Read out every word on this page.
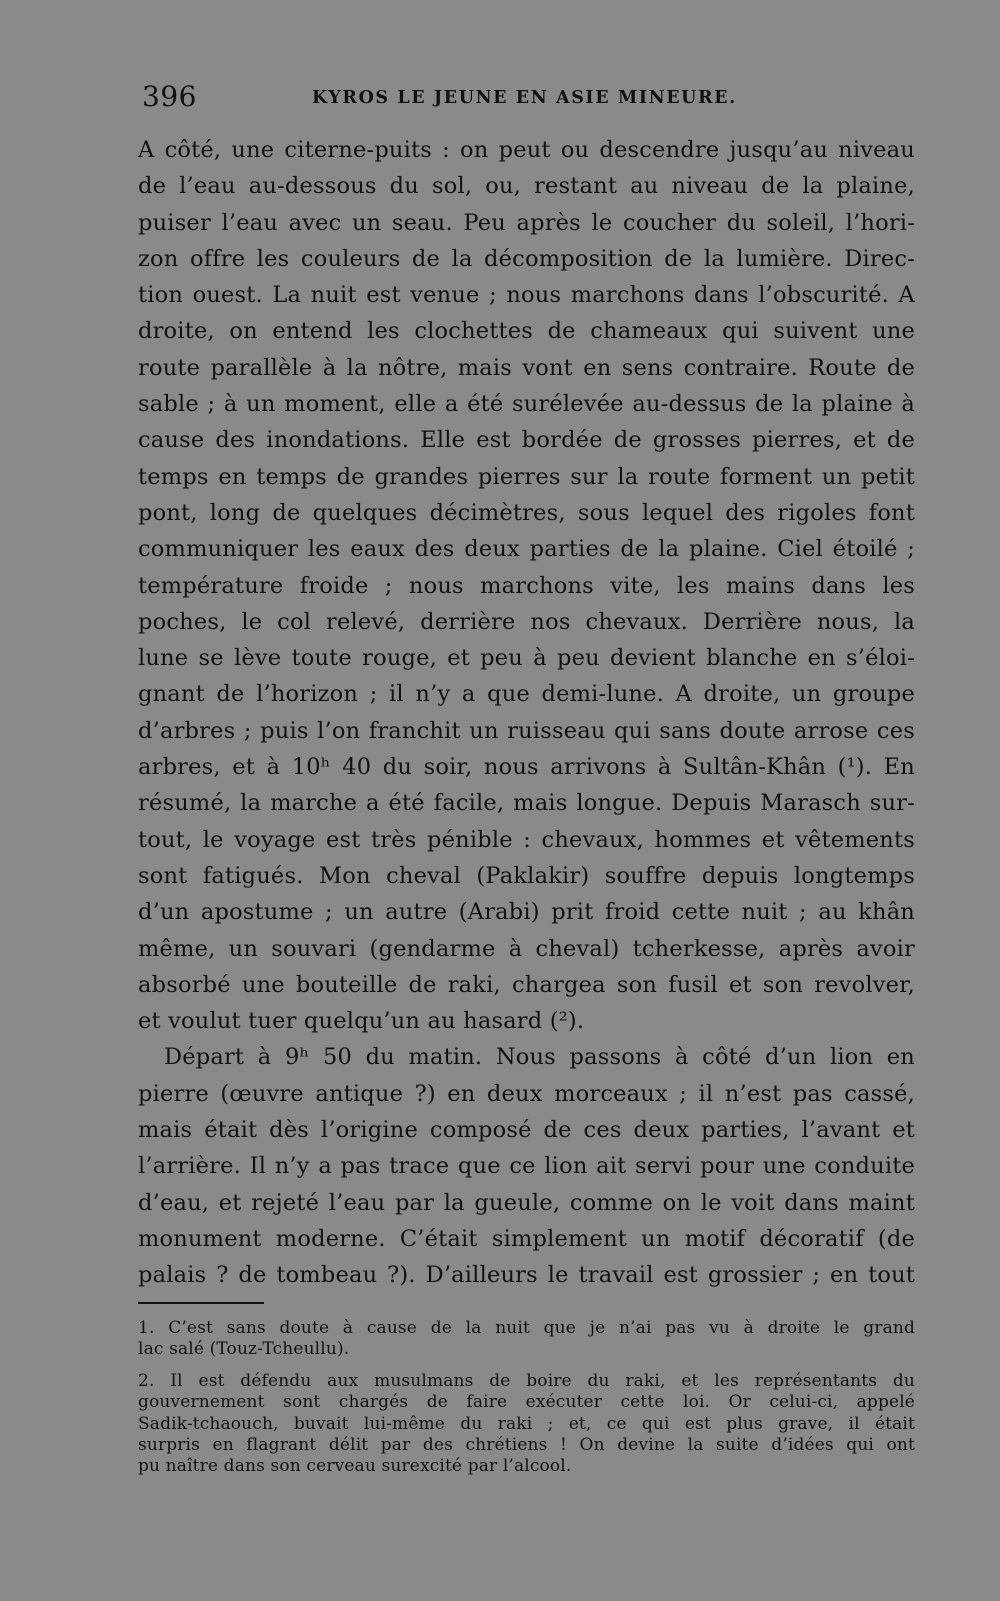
396	KYROS LE JEUNE EN ASIE MINEURE.

A côté, une citerne-puits : on peut ou descendre jusqu’au niveau

de l’eau au-dessous du sol, ou, restant au niveau de la plaine,

puiser l’eau avec un seau. Peu après le coucher du soleil, l’hori-

zon offre les couleurs de la décomposition de la lumière. Direc-

tion ouest. La nuit est venue ; nous marchons dans l’obscurité. A

droite, on entend les clochettes de chameaux qui suivent une

route parallèle à la nôtre, mais vont en sens contraire. Route de

sable ; à un moment, elle a été surélevée au-dessus de la plaine à

cause des inondations. Elle est bordée de grosses pierres, et de

temps en temps de grandes pierres sur la route forment un petit

pont, long de quelques décimètres, sous lequel des rigoles font

communiquer les eaux des deux parties de la plaine. Ciel étoilé ;

température froide ; nous marchons vite, les mains dans les

poches, le col relevé, derrière nos chevaux. Derrière nous, la

lune se lève toute rouge, et peu à peu devient blanche en s’éloi-

gnant de l’horizon ; il n’y a que demi-lune. A droite, un groupe

d’arbres ; puis l’on franchit un ruisseau qui sans doute arrose ces

arbres, et à 10ʰ 40 du soir, nous arrivons à Sultân-Khân (¹). En

résumé, la marche a été facile, mais longue. Depuis Marasch sur-

tout, le voyage est très pénible : chevaux, hommes et vêtements

sont fatigués. Mon cheval (Paklakir) souffre depuis longtemps

d’un apostume ; un autre (Arabi) prit froid cette nuit ; au khân

même, un souvari (gendarme à cheval) tcherkesse, après avoir

absorbé une bouteille de raki, chargea son fusil et son revolver,

et voulut tuer quelqu’un au hasard (²).

Départ à 9ʰ 50 du matin. Nous passons à côté d’un lion en

pierre (œuvre antique ?) en deux morceaux ; il n’est pas cassé,

mais était dès l’origine composé de ces deux parties, l’avant et

l’arrière. Il n’y a pas trace que ce lion ait servi pour une conduite

d’eau, et rejeté l’eau par la gueule, comme on le voit dans maint

monument moderne. C’était simplement un motif décoratif (de

palais ? de tombeau ?). D’ailleurs le travail est grossier ; en tout

1. C’est sans doute à cause de la nuit que je n’ai pas vu à droite le grand

lac salé (Touz-Tcheullu).

2. Il est défendu aux musulmans de boire du raki, et les représentants du

gouvernement sont chargés de faire exécuter cette loi. Or celui-ci, appelé

Sadik-tchaouch, buvait lui-même du raki ; et, ce qui est plus grave, il était

surpris en flagrant délit par des chrétiens ! On devine la suite d’idées qui ont

pu naître dans son cerveau surexcité par l’alcool.
